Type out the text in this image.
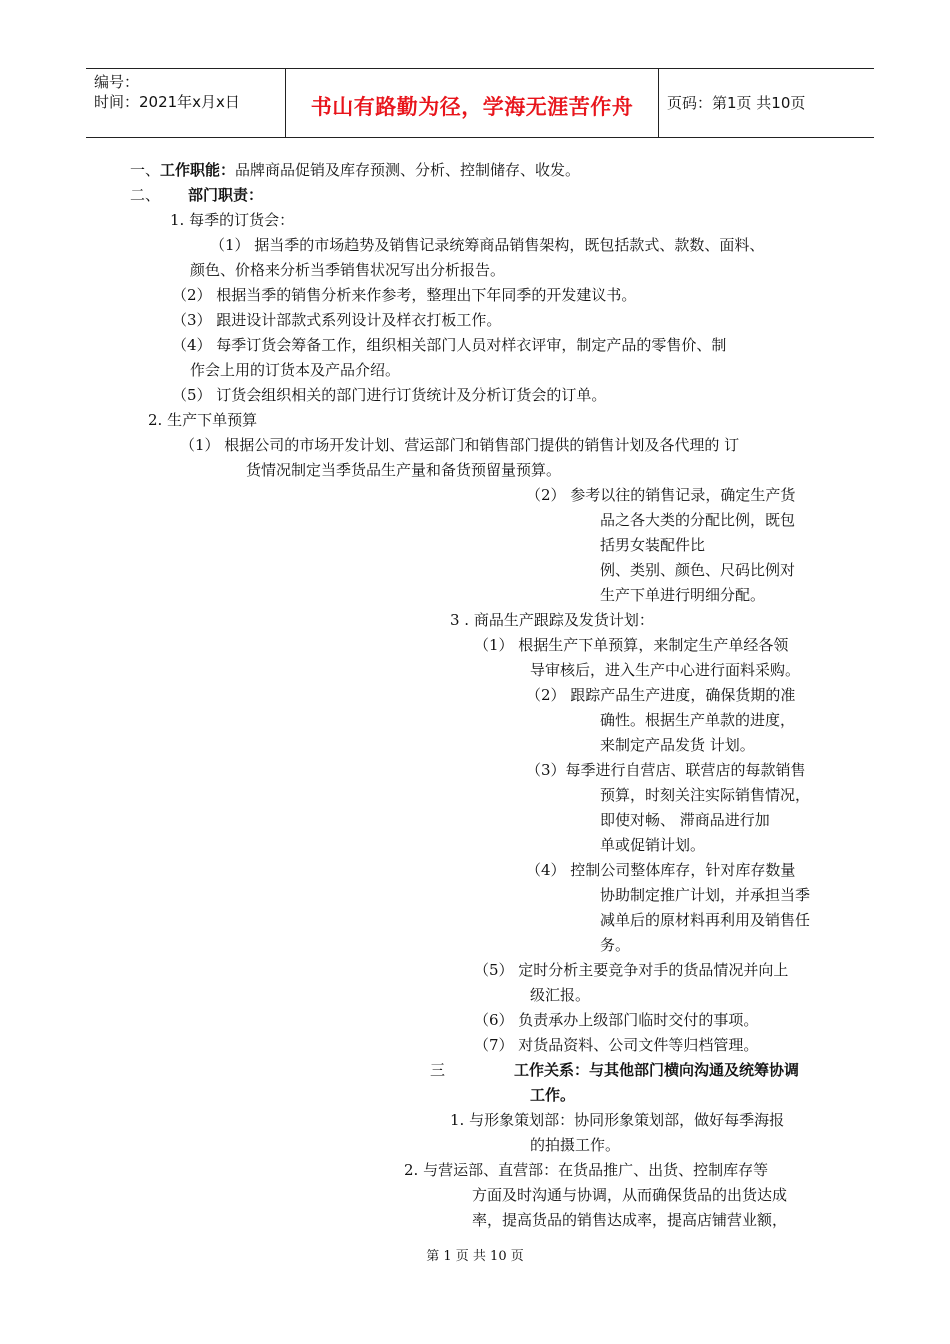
编号：
时间：2021年x月x日	书山有路勤为径，学海无涯苦作舟	页码：第1页 共10页
一、工作职能：品牌商品促销及库存预测、分析、控制储存、收发。
二、 部门职责：
1. 每季的订货会：
（1） 据当季的市场趋势及销售记录统筹商品销售架构，既包括款式、款数、面料、
颜色、价格来分析当季销售状况写出分析报告。
（2） 根据当季的销售分析来作参考，整理出下年同季的开发建议书。
（3） 跟进设计部款式系列设计及样衣打板工作。
（4） 每季订货会筹备工作，组织相关部门人员对样衣评审，制定产品的零售价、制
作会上用的订货本及产品介绍。
（5） 订货会组织相关的部门进行订货统计及分析订货会的订单。
2. 生产下单预算
（1） 根据公司的市场开发计划、营运部门和销售部门提供的销售计划及各代理的 订
货情况制定当季货品生产量和备货预留量预算。
（2） 参考以往的销售记录，确定生产货
品之各大类的分配比例，既包
括男女装配件比
例、类别、颜色、尺码比例对
生产下单进行明细分配。
3 . 商品生产跟踪及发货计划：
（1） 根据生产下单预算，来制定生产单经各领
导审核后，进入生产中心进行面料采购。
（2） 跟踪产品生产进度，确保货期的准
确性。根据生产单款的进度，
来制定产品发货 计划。
（3）每季进行自营店、联营店的每款销售
预算，时刻关注实际销售情况，
即使对畅、 滞商品进行加
单或促销计划。
（4） 控制公司整体库存，针对库存数量
协助制定推广计划，并承担当季
减单后的原材料再利用及销售任
务。
（5） 定时分析主要竞争对手的货品情况并向上
级汇报。
（6） 负责承办上级部门临时交付的事项。
（7） 对货品资料、公司文件等归档管理。
三	工作关系：与其他部门横向沟通及统筹协调
工作。
1. 与形象策划部：协同形象策划部，做好每季海报
的拍摄工作。
2. 与营运部、直营部：在货品推广、出货、控制库存等
方面及时沟通与协调，从而确保货品的出货达成
率，提高货品的销售达成率，提高店铺营业额，
第 1 页 共 10 页
